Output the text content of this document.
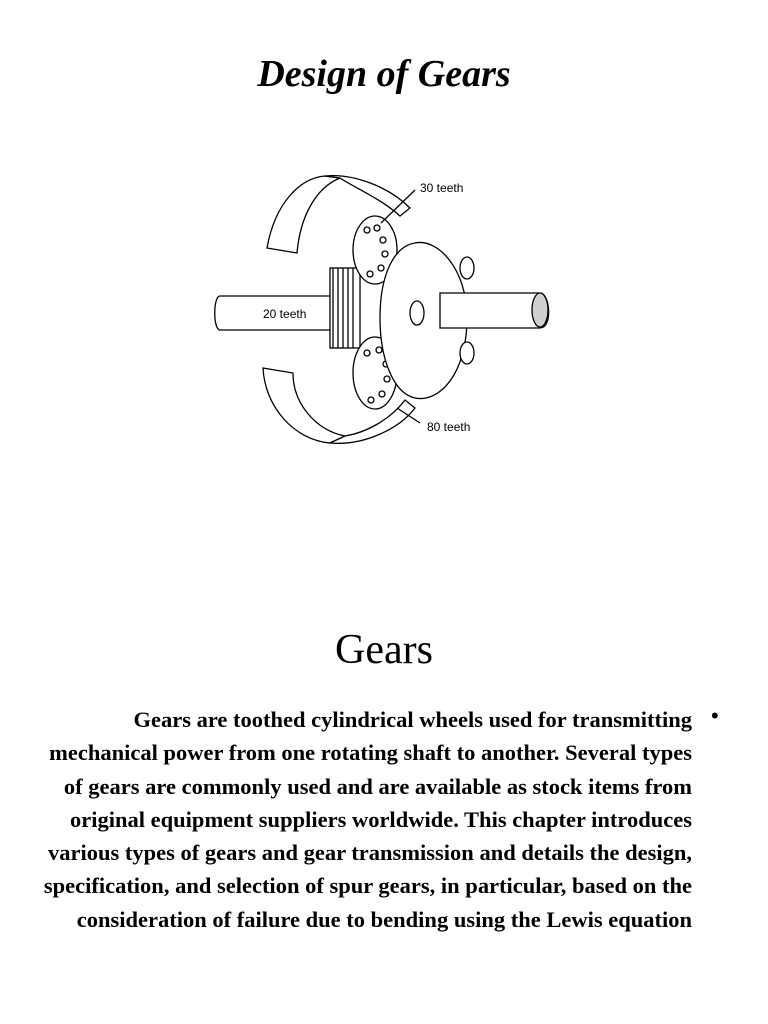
Design of Gears
30 teeth
20 teeth
80 teeth
Gears
•
Gears are toothed cylindrical wheels used for transmitting mechanical power from one rotating shaft to another. Several types of gears are commonly used and are available as stock items from original equipment suppliers worldwide. This chapter introduces various types of gears and gear transmission and details the design, specification, and selection of spur gears, in particular, based on the consideration of failure due to bending using the Lewis equation
